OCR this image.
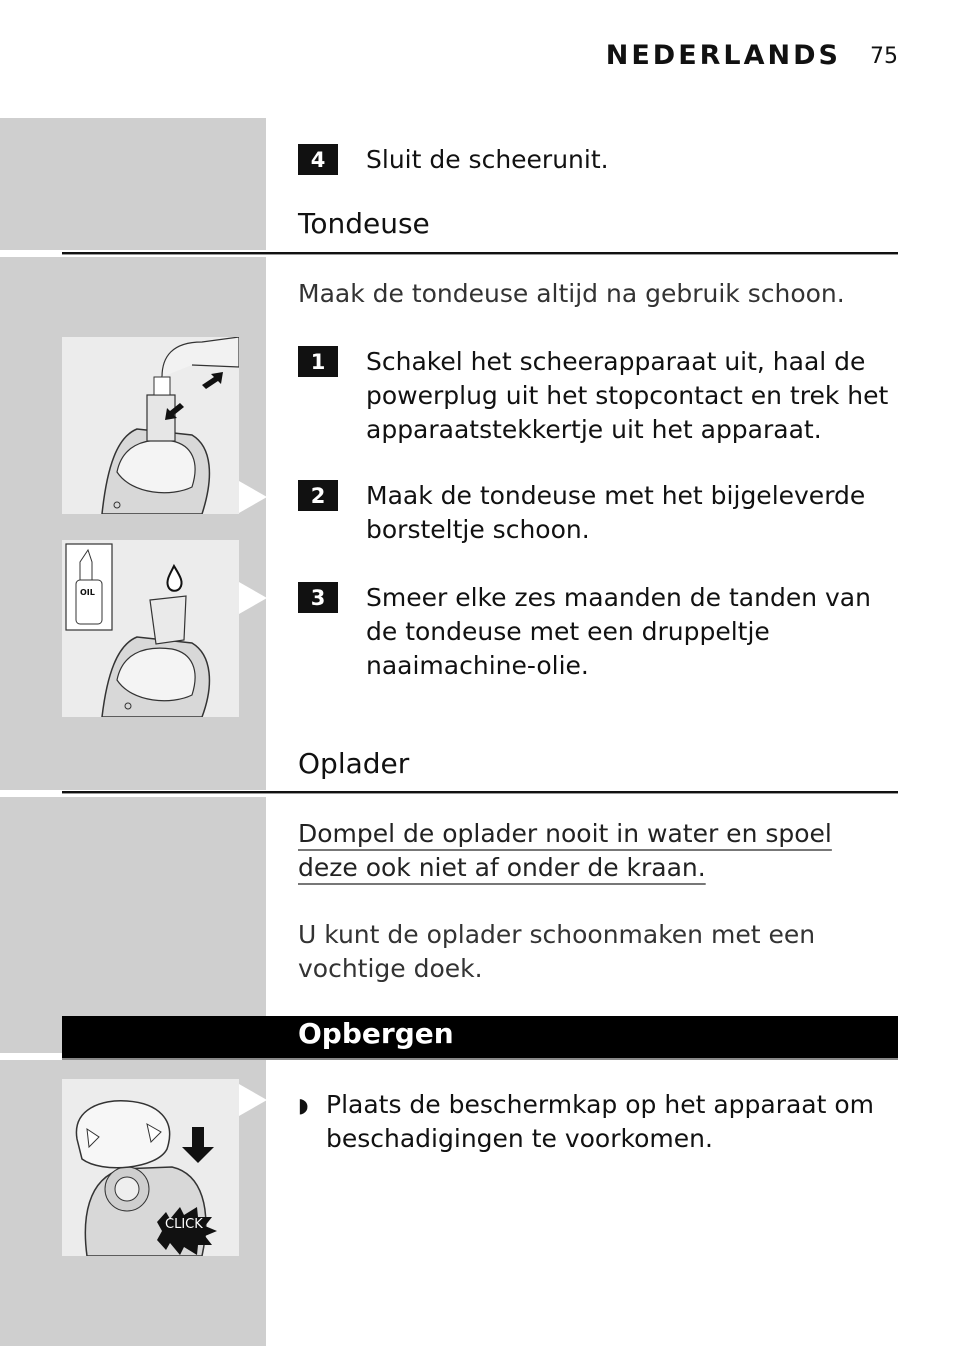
NEDERLANDS 75
4	Sluit de scheerunit.
Tondeuse
Maak de tondeuse altijd na gebruik schoon.
1	Schakel het scheerapparaat uit, haal de powerplug uit het stopcontact en trek het apparaatstekkertje uit het apparaat.
2	Maak de tondeuse met het bijgeleverde borsteltje schoon.
3	Smeer elke zes maanden de tanden van de tondeuse met een druppeltje naaimachine-olie.
OIL
Oplader
Dompel de oplader nooit in water en spoel deze ook niet af onder de kraan.
U kunt de oplader schoonmaken met een vochtige doek.
Opbergen
◗ Plaats de beschermkap op het apparaat om beschadigingen te voorkomen.
CLICK
